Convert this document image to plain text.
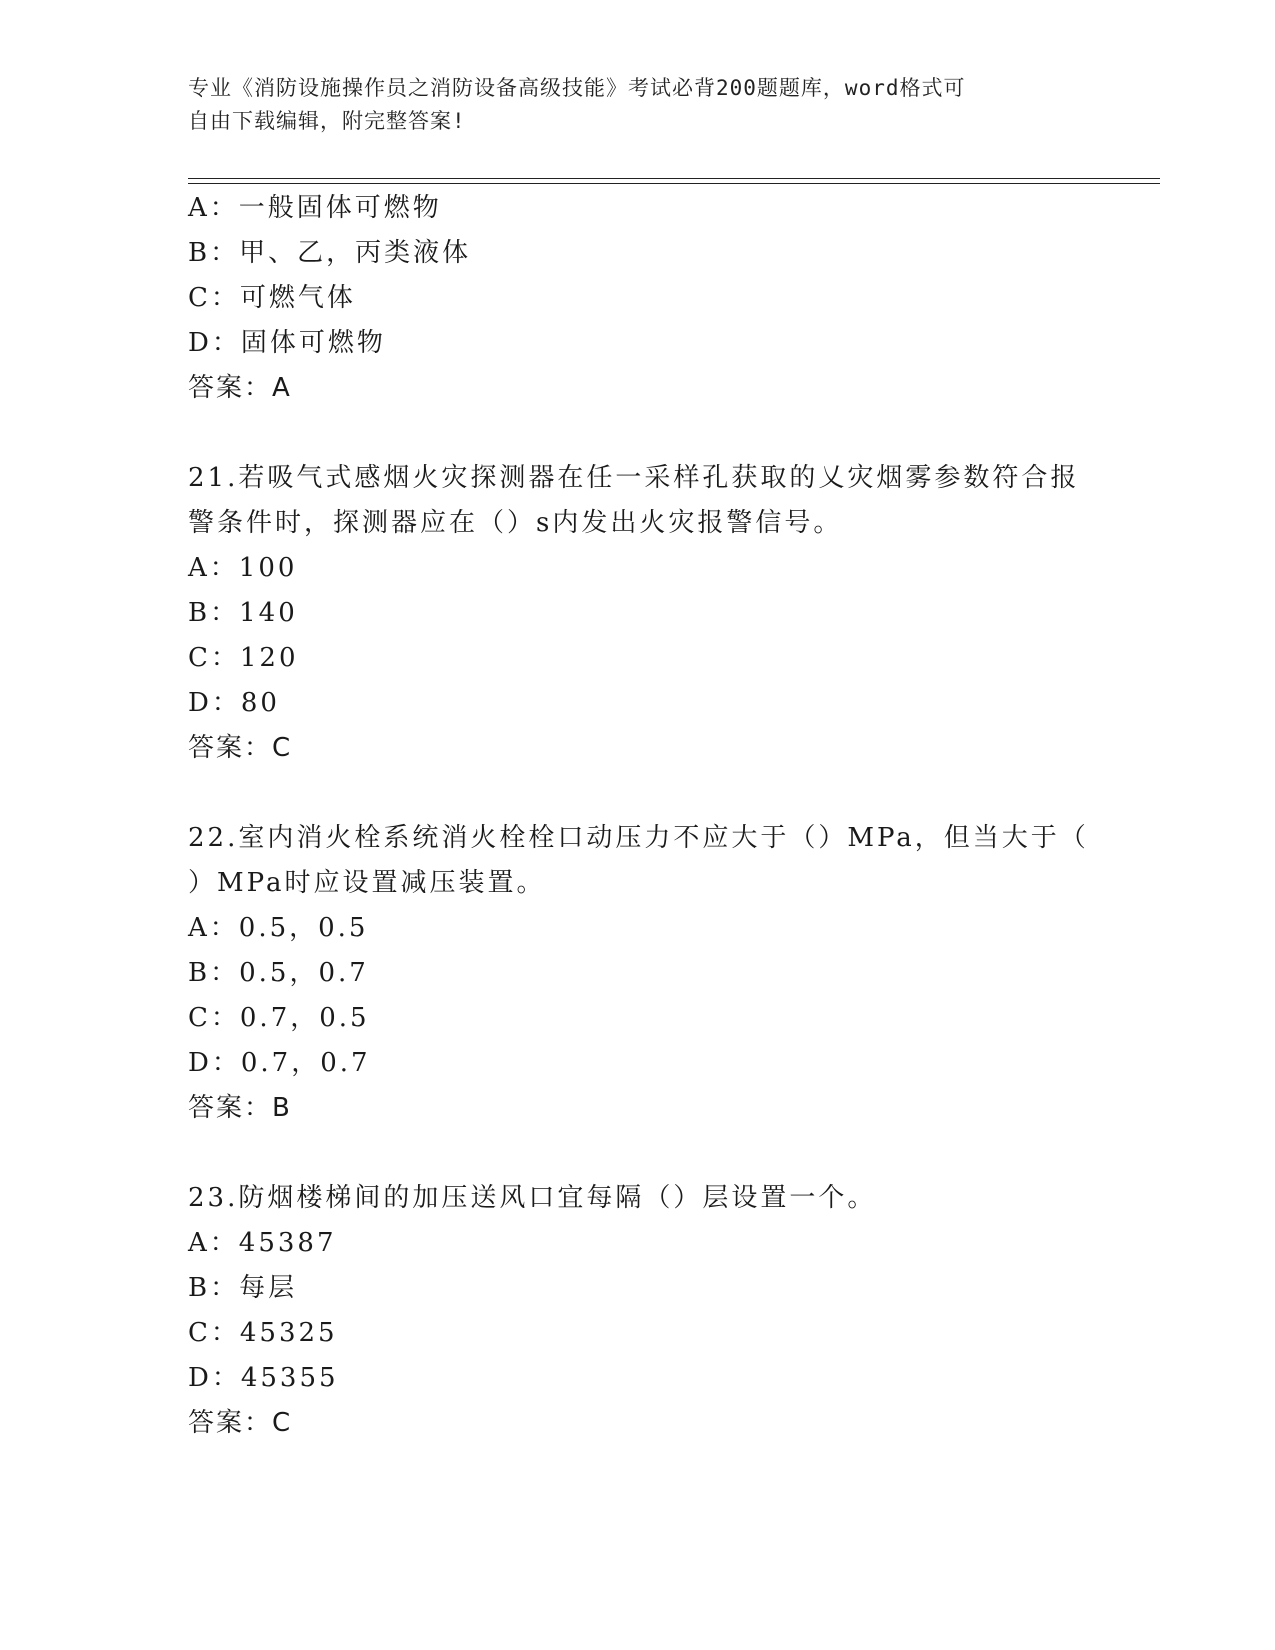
专业《消防设施操作员之消防设备高级技能》考试必背200题题库，word格式可
自由下载编辑，附完整答案!
A：一般固体可燃物
B：甲、乙，丙类液体
C：可燃气体
D：固体可燃物
答案：A
21.若吸气式感烟火灾探测器在任一采样孔获取的乂灾烟雾参数符合报
警条件时，探测器应在（）s内发出火灾报警信号。
A：100
B：140
C：120
D：80
答案：C
22.室内消火栓系统消火栓栓口动压力不应大于（）MPa，但当大于（
）MPa时应设置减压装置。
A：0.5，0.5
B：0.5，0.7
C：0.7，0.5
D：0.7，0.7
答案：B
23.防烟楼梯间的加压送风口宜每隔（）层设置一个。
A：45387
B：每层
C：45325
D：45355
答案：C
